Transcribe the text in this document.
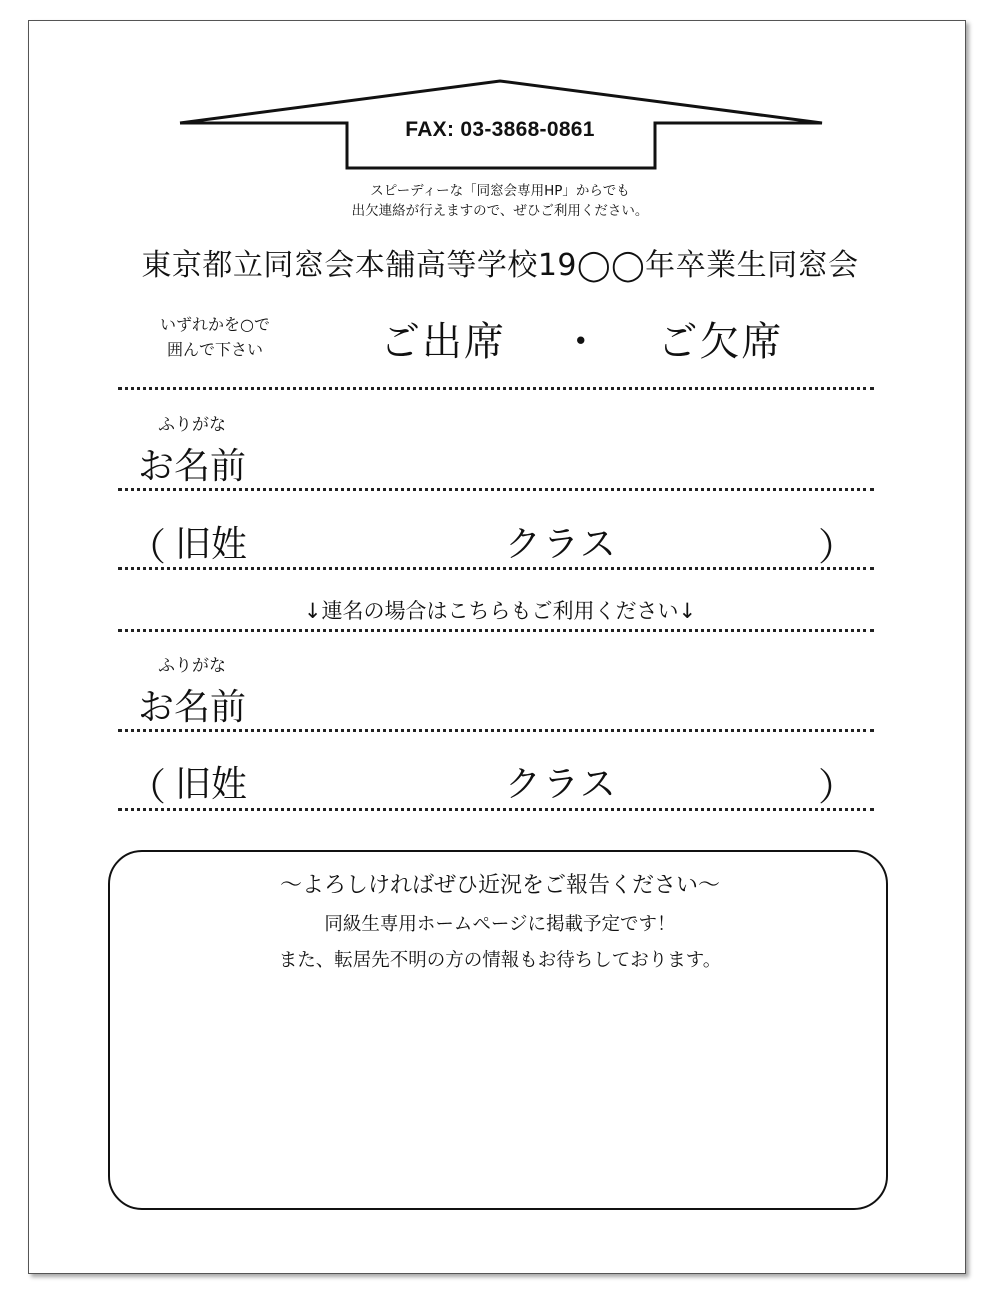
FAX: 03-3868-0861
スピーディーな「同窓会専用HP」からでも
出欠連絡が行えますので、ぜひご利用ください。
東京都立同窓会本舗高等学校19◯◯年卒業生同窓会
いずれかを○で
囲んで下さい	ご出席 ・ ご欠席
ふりがな
お名前
（ 旧姓	クラス	）
↓連名の場合はこちらもご利用ください↓
ふりがな
お名前
（ 旧姓	クラス	）
～よろしければぜひ近況をご報告ください～
同級生専用ホームページに掲載予定です！
また、転居先不明の方の情報もお待ちしております。
